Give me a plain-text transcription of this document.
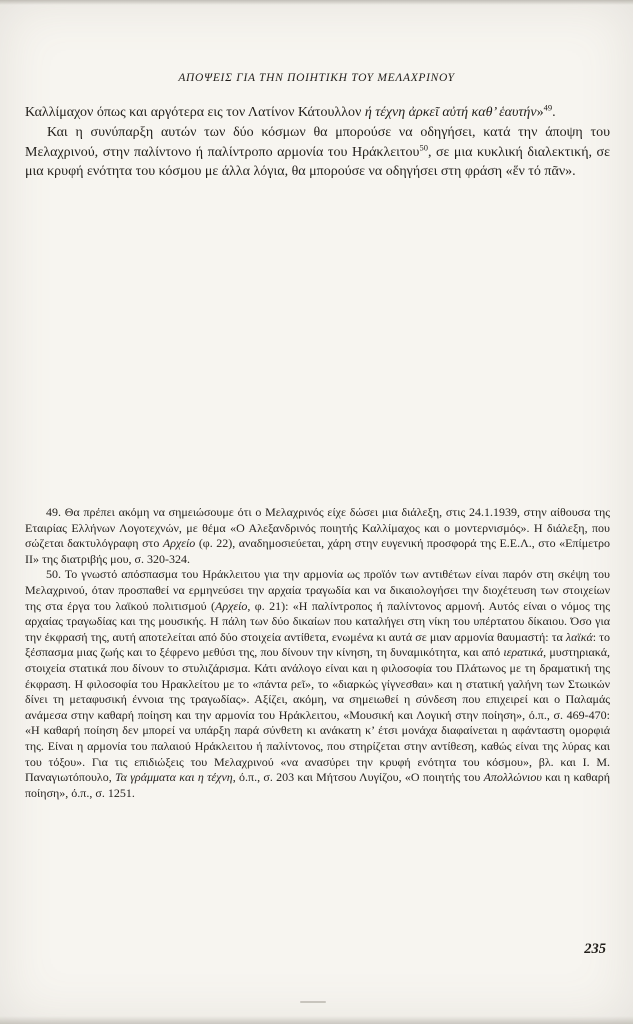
ΑΠΟΨΕΙΣ ΓΙΑ ΤΗΝ ΠΟΙΗΤΙΚΗ ΤΟΥ ΜΕΛΑΧΡΙΝΟΥ

Καλλίμαχον όπως και αργότερα εις τον Λατίνον Κάτουλλον ή τέχνη ἀρκεῖ αὐτή καθ’ ἑαυτήν»$^{49}$.

Και η συνύπαρξη αυτών των δύο κόσμων θα μπορούσε να οδηγήσει, κατά την άποψη του Μελαχρινού, στην παλίντονο ή παλίντροπο αρμονία του Ηράκλειτου$^{50}$, σε μια κυκλική διαλεκτική, σε μια κρυφή ενότητα του κόσμου με άλλα λόγια, θα μπορούσε να οδηγήσει στη φράση «ἕν τό πᾶν».

49. Θα πρέπει ακόμη να σημειώσουμε ότι ο Μελαχρινός είχε δώσει μια διάλεξη, στις 24.1.1939, στην αίθουσα της Εταιρίας Ελλήνων Λογοτεχνών, με θέμα «Ο Αλεξανδρινός ποιητής Καλλίμαχος και ο μοντερνισμός». Η διάλεξη, που σώζεται δακτυλόγραφη στο Αρχείο (φ. 22), αναδημοσιεύεται, χάρη στην ευγενική προσφορά της Ε.Ε.Λ., στο «Επίμετρο ΙΙ» της διατριβής μου, σ. 320-324.

50. Το γνωστό απόσπασμα του Ηράκλειτου για την αρμονία ως προϊόν των αντιθέτων είναι παρόν στη σκέψη του Μελαχρινού, όταν προσπαθεί να ερμηνεύσει την αρχαία τραγωδία και να δικαιολογήσει την διοχέτευση των στοιχείων της στα έργα του λαϊκού πολιτισμού (Αρχείο, φ. 21): «Η παλίντροπος ή παλίντονος αρμονή. Αυτός είναι ο νόμος της αρχαίας τραγωδίας και της μουσικής. Η πάλη των δύο δικαίων που καταλήγει στη νίκη του υπέρτατου δίκαιου. Όσο για την έκφρασή της, αυτή αποτελείται από δύο στοιχεία αντίθετα, ενωμένα κι αυτά σε μιαν αρμονία θαυμαστή: τα λαϊκά: το ξέσπασμα μιας ζωής και το ξέφρενο μεθύσι της, που δίνουν την κίνηση, τη δυναμικότητα, και από ιερατικά, μυστηριακά, στοιχεία στατικά που δίνουν το στυλιζάρισμα. Κάτι ανάλογο είναι και η φιλοσοφία του Πλάτωνος με τη δραματική της έκφραση. Η φιλοσοφία του Ηρακλείτου με το «πάντα ρεῖ», το «διαρκώς γίγνεσθαι» και η στατική γαλήνη των Στωικών δίνει τη μεταφυσική έννοια της τραγωδίας». Αξίζει, ακόμη, να σημειωθεί η σύνδεση που επιχειρεί και ο Παλαμάς ανάμεσα στην καθαρή ποίηση και την αρμονία του Ηράκλειτου, «Μουσική και Λογική στην ποίηση», ό.π., σ. 469-470: «Η καθαρή ποίηση δεν μπορεί να υπάρξη παρά σύνθετη κι ανάκατη κ’ έτσι μονάχα διαφαίνεται η αφάνταστη ομορφιά της. Είναι η αρμονία του παλαιού Ηράκλειτου ή παλίντονος, που στηρίζεται στην αντίθεση, καθώς είναι της λύρας και του τόξου». Για τις επιδιώξεις του Μελαχρινού «να ανασύρει την κρυφή ενότητα του κόσμου», βλ. και Ι. Μ. Παναγιωτόπουλο, Τα γράμματα και η τέχνη, ό.π., σ. 203 και Μήτσου Λυγίζου, «Ο ποιητής του Απολλώνιου και η καθαρή ποίηση», ό.π., σ. 1251.

235
